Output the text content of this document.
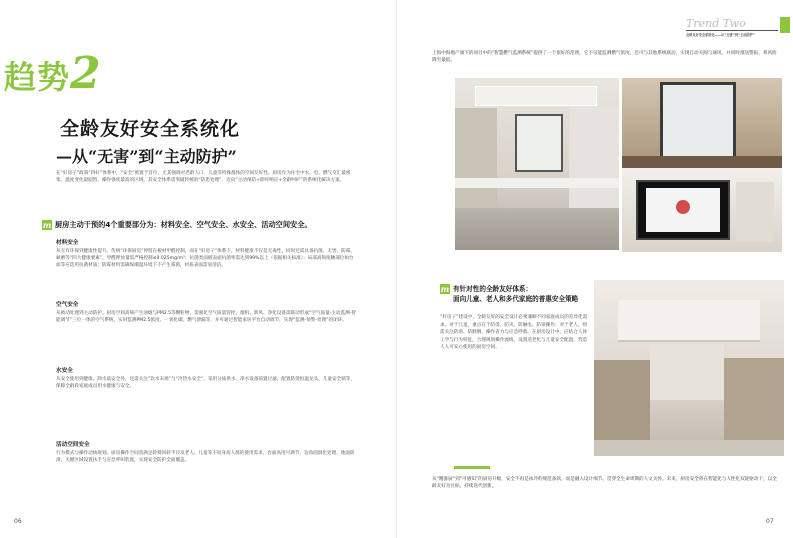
趋势2
全龄友好安全系统化
—从“无害”到“主动防护”
在“好房子”政策“四好”体系中，“安全”被置于首位，尤其强调对老龄人口、儿童等特殊群体的空间友好性。厨房作为住宅中水、电、燃气交汇最密集、温度变化最剧烈、操作强度最高的区域，其安全体系需突破传统的“防患处理”，迈向“主动预防+即时响应+全龄呵护”的系统化解决方案。
m 厨房主动干预的4个重要部分为：材料安全、空气安全、水安全、活动空间安全。
材料安全
从无有环保到健康性提升。传统“环保厨房”停留在板材甲醛控制，而在“好房子”体系下，材料健康不仅是无毒性，同时还需具备抗菌、无害、防霉、耐磨等“四大健康要素”。甲醛释放量需严格控制≤0.025mg/m³；抗菌类面板表面抗菌率需达到99%以上（依据相关标准）；局部高频接触部位如台面等应选用抗菌材质；防霉材料需确保潮湿环境下不产生霉菌，材质表面需易清洁。
空气安全
从被动处理到主动防护。厨房空间高频产生油烟与PM2.5等颗粒物，需强化空气质量管控，烟机、新风、净化设备需联动形成“空气质量-主动监测-智能调节”三位一体的空气系统，实时监测PM2.5浓度、一氧化碳、燃气泄漏等，并可通过智能家居平台自动调节，实现“监测-预警-处理”的闭环。
水安全
从安全使用到健康。除水质安全外，还需关注“饮水末端”与“冷热水安全”，采用分质供水、净水设备前置过滤，配置防烫恒温龙头、儿童安全锁等，保障全龄段家庭成员用水健康与安全。
活动空间安全
行为模式与操作动线规划。厨房操作空间需满足轮椅回转半径及老人、儿童等不同身高人群的使用需求，台面高度可调节、边角圆润化处理、地面防滑，关键区域设置扶手与应急呼叫装置，实现安全防护全面覆盖。
06
Trend Two
全龄友好安全系统化——从“无害”到“主动防护”
上海中海地产旗下的项目中的“智慧燃气监测系统”提供了一个很好的范例，它不仅能监测燃气浓度，还可与其他系统联动，实现自动关阀与通风，并同时推送警报，将风险降至最低。
m 有针对性的全龄友好体系：
面向儿童、老人和多代家庭的普惠安全策略
“好房子”建设中，全龄友好的安全设计必须兼顾不同家庭成员的差异化需求。对于儿童，重点在于防烫、防夹、防触电、防误操作；对于老人，则需关注防滑、防跌倒、操作省力与应急呼救。在厨房设计中，应结合人体工学与行为特征，合理规划操作流线，设置适老化与儿童安全配置，营造人人可安心使用的厨房空间。
从“精准厨”到“可感知”的厨房升级，安全不再是冰冷的规范条款，而是融入设计细节、贯穿全生命周期的人文关怀。未来，厨房安全将在智能化与人性化双轮驱动下，以全龄友好为目标，持续迭代创新。
07
